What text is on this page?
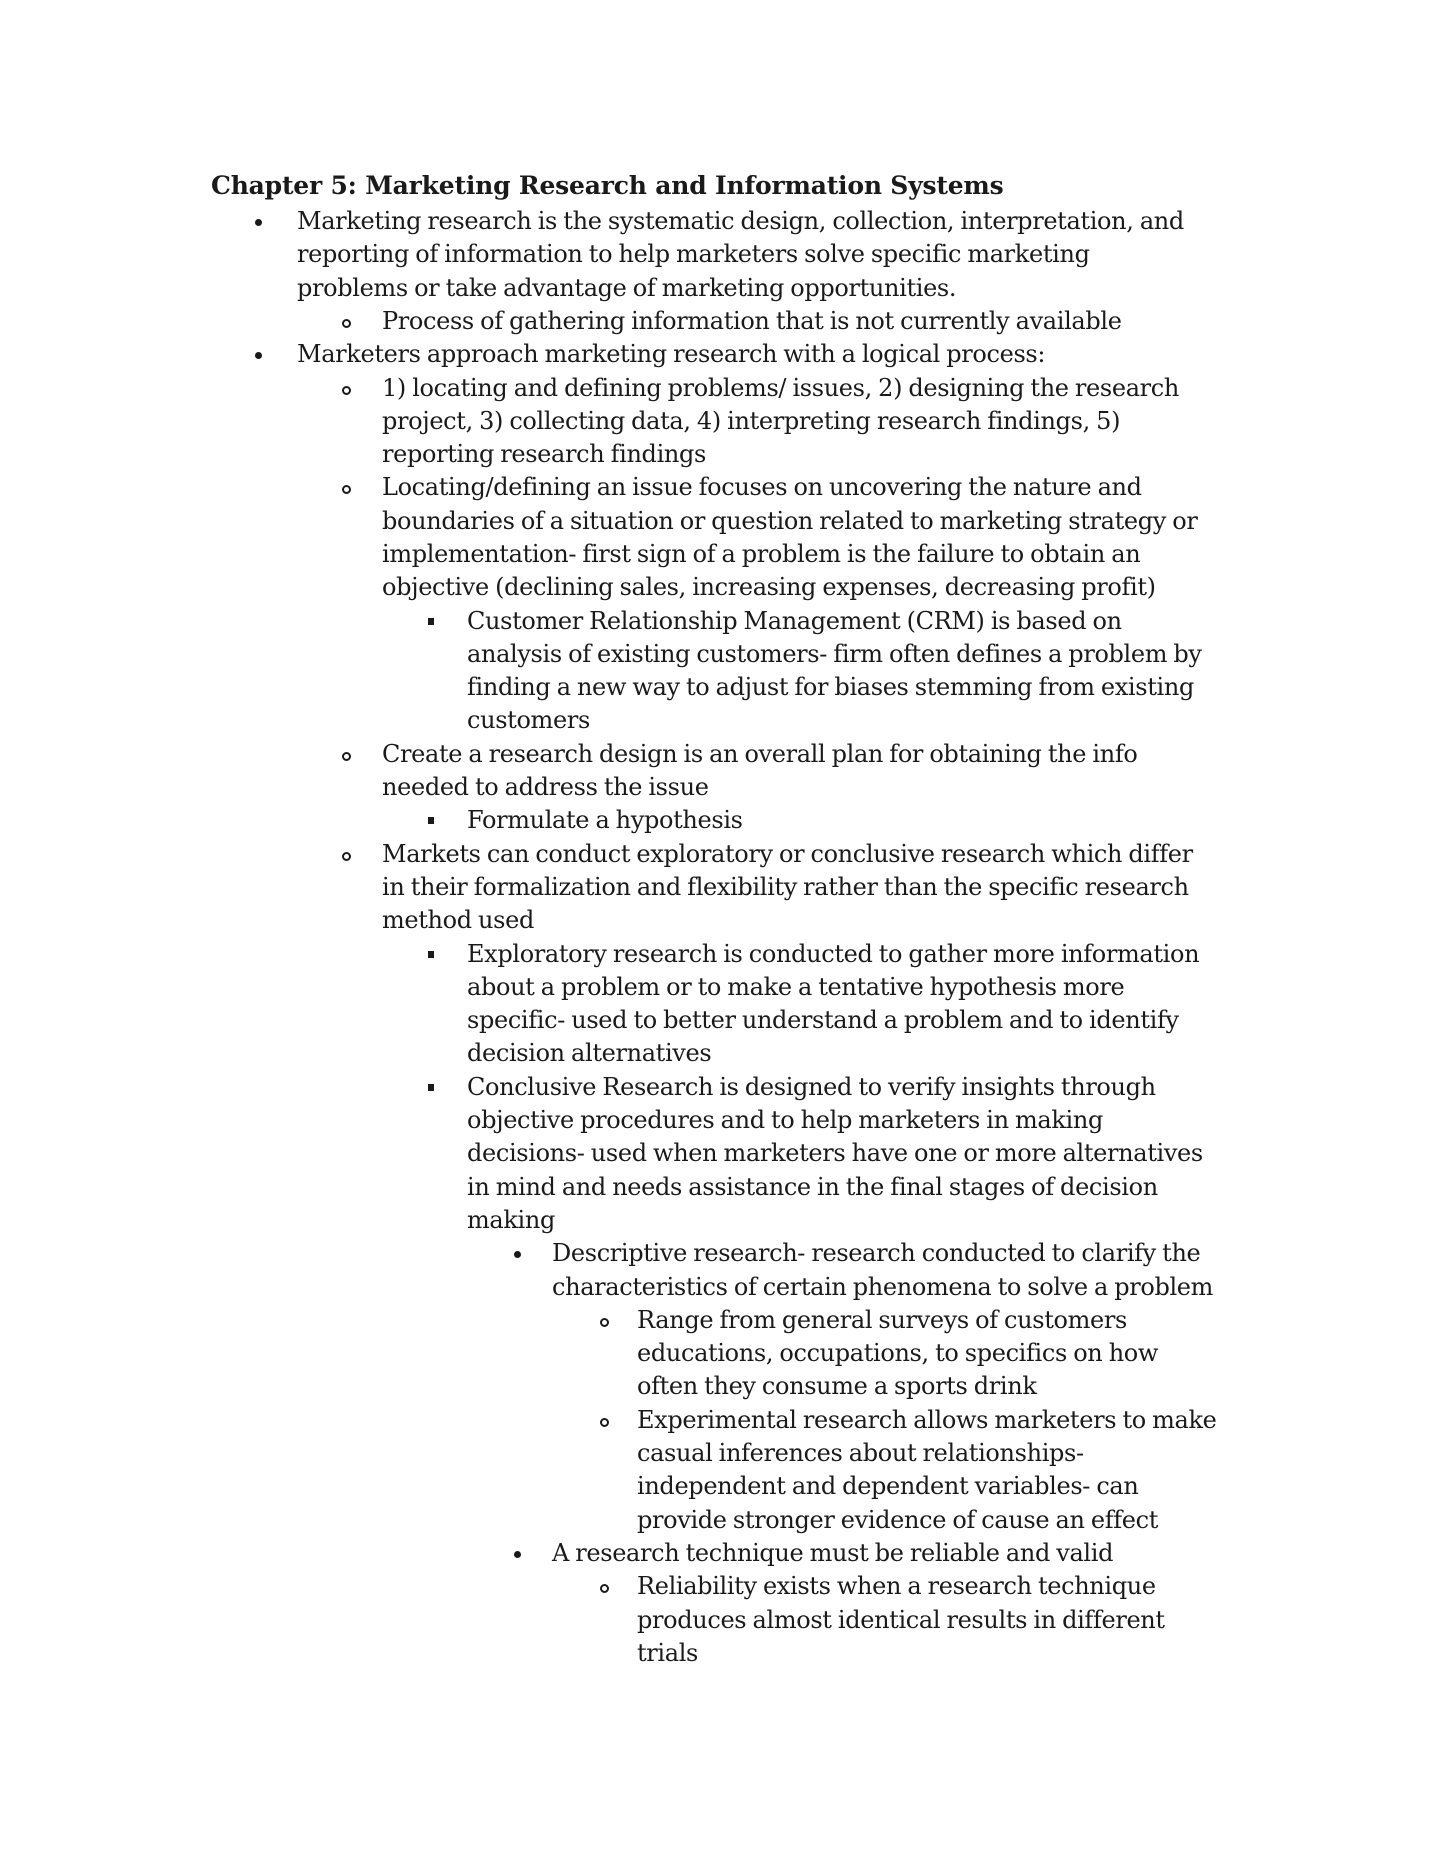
Chapter 5: Marketing Research and Information Systems
Marketing research is the systematic design, collection, interpretation, and
reporting of information to help marketers solve specific marketing
problems or take advantage of marketing opportunities.
Process of gathering information that is not currently available
Marketers approach marketing research with a logical process:
1) locating and defining problems/ issues, 2) designing the research
project, 3) collecting data, 4) interpreting research findings, 5)
reporting research findings
Locating/defining an issue focuses on uncovering the nature and
boundaries of a situation or question related to marketing strategy or
implementation- first sign of a problem is the failure to obtain an
objective (declining sales, increasing expenses, decreasing profit)
Customer Relationship Management (CRM) is based on
analysis of existing customers- firm often defines a problem by
finding a new way to adjust for biases stemming from existing
customers
Create a research design is an overall plan for obtaining the info
needed to address the issue
Formulate a hypothesis
Markets can conduct exploratory or conclusive research which differ
in their formalization and flexibility rather than the specific research
method used
Exploratory research is conducted to gather more information
about a problem or to make a tentative hypothesis more
specific- used to better understand a problem and to identify
decision alternatives
Conclusive Research is designed to verify insights through
objective procedures and to help marketers in making
decisions- used when marketers have one or more alternatives
in mind and needs assistance in the final stages of decision
making
Descriptive research- research conducted to clarify the
characteristics of certain phenomena to solve a problem
Range from general surveys of customers
educations, occupations, to specifics on how
often they consume a sports drink
Experimental research allows marketers to make
casual inferences about relationships-
independent and dependent variables- can
provide stronger evidence of cause an effect
A research technique must be reliable and valid
Reliability exists when a research technique
produces almost identical results in different
trials
